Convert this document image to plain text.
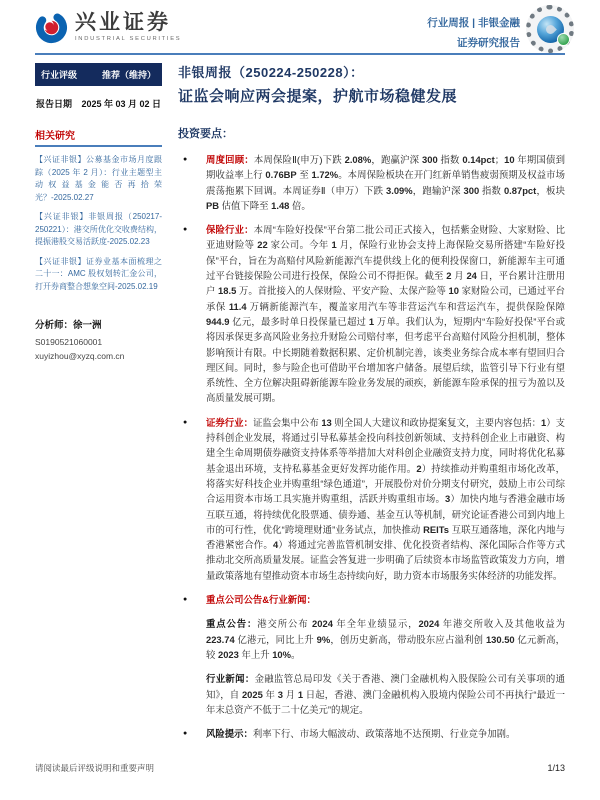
兴业证券
INDUSTRIAL SECURITIES
行业周报 | 非银金融
证券研究报告
行业评级	推荐（维持）
报告日期 2025 年 03 月 02 日
相关研究
【兴证非银】公募基金市场月度跟踪（2025 年 2 月）：行业主题型主动权益基金能否再拾荣光？-2025.02.27
【兴证非银】非银周报（250217-250221）：港交所优化交收费结构，提振港股交易活跃度-2025.02.23
【兴证非银】证券业基本面梳理之二十一：AMC 股权划转汇金公司，打开券商整合想象空间-2025.02.19
分析师：徐一洲
S0190521060001
xuyizhou@xyzq.com.cn
非银周报（250224-250228）：
证监会响应两会提案，护航市场稳健发展
投资要点：
●	周度回顾：本周保险Ⅱ(申万)下跌 2.08%，跑赢沪深 300 指数 0.14pct；10 年期国债到期收益率上行 0.76BP 至 1.72%。本周保险板块在开门红新单销售疲弱预期及权益市场震荡拖累下回调。本周证券Ⅱ（申万）下跌 3.09%，跑输沪深 300 指数 0.87pct，板块 PB 估值下降至 1.48 倍。

●	保险行业：本周“车险好投保”平台第二批公司正式接入，包括紫金财险、大家财险、比亚迪财险等 22 家公司。今年 1 月，保险行业协会支持上海保险交易所搭建“车险好投保”平台，旨在为高赔付风险新能源汽车提供线上化的便利投保窗口，新能源车主可通过平台链接保险公司进行投保，保险公司不得拒保。截至 2 月 24 日，平台累计注册用户 18.5 万。首批接入的人保财险、平安产险、太保产险等 10 家财险公司，已通过平台承保 11.4 万辆新能源汽车，覆盖家用汽车等非营运汽车和营运汽车，提供保险保障 944.9 亿元，最多时单日投保量已超过 1 万单。我们认为，短期内“车险好投保”平台或将因承保更多高风险业务拉升财险公司赔付率，但考虑平台高赔付风险分担机制，整体影响预计有限。中长期随着数据积累、定价机制完善，该类业务综合成本率有望回归合理区间。同时，参与险企也可借助平台增加客户储备。展望后续，监管引导下行业有望系统性、全方位解决阻碍新能源车险业务发展的顽疾，新能源车险承保的扭亏为盈以及高质量发展可期。

●	证券行业：证监会集中公布 13 则全国人大建议和政协提案复文，主要内容包括：1）支持科创企业发展，将通过引导私募基金投向科技创新领域、支持科创企业上市融资、构建全生命周期债券融资支持体系等举措加大对科创企业融资支持力度，同时将优化私募基金退出环境，支持私募基金更好发挥功能作用。2）持续推动并购重组市场化改革，将落实好科技企业并购重组“绿色通道”，开展股份对价分期支付研究，鼓励上市公司综合运用资本市场工具实施并购重组，活跃并购重组市场。3）加快内地与香港金融市场互联互通，将持续优化股票通、债券通、基金互认等机制，研究论证香港公司到内地上市的可行性，优化“跨境理财通”业务试点，加快推动 REITs 互联互通落地，深化内地与香港紧密合作。4）将通过完善监管机制安排、优化投资者结构、深化国际合作等方式推动北交所高质量发展。证监会答复进一步明确了后续资本市场监管政策发力方向，增量政策落地有望推动资本市场生态持续向好，助力资本市场服务实体经济的功能发挥。

●	重点公司公告&行业新闻：

重点公告：港交所公布 2024 年全年业绩显示，2024 年港交所收入及其他收益为 223.74 亿港元，同比上升 9%，创历史新高，带动股东应占溢利创 130.50 亿元新高，较 2023 年上升 10%。

行业新闻：金融监管总局印发《关于香港、澳门金融机构入股保险公司有关事项的通知》，自 2025 年 3 月 1 日起，香港、澳门金融机构入股境内保险公司不再执行“最近一年末总资产不低于二十亿美元”的规定。

●	风险提示：利率下行、市场大幅波动、政策落地不达预期、行业竞争加剧。

请阅读最后评级说明和重要声明	1/13
